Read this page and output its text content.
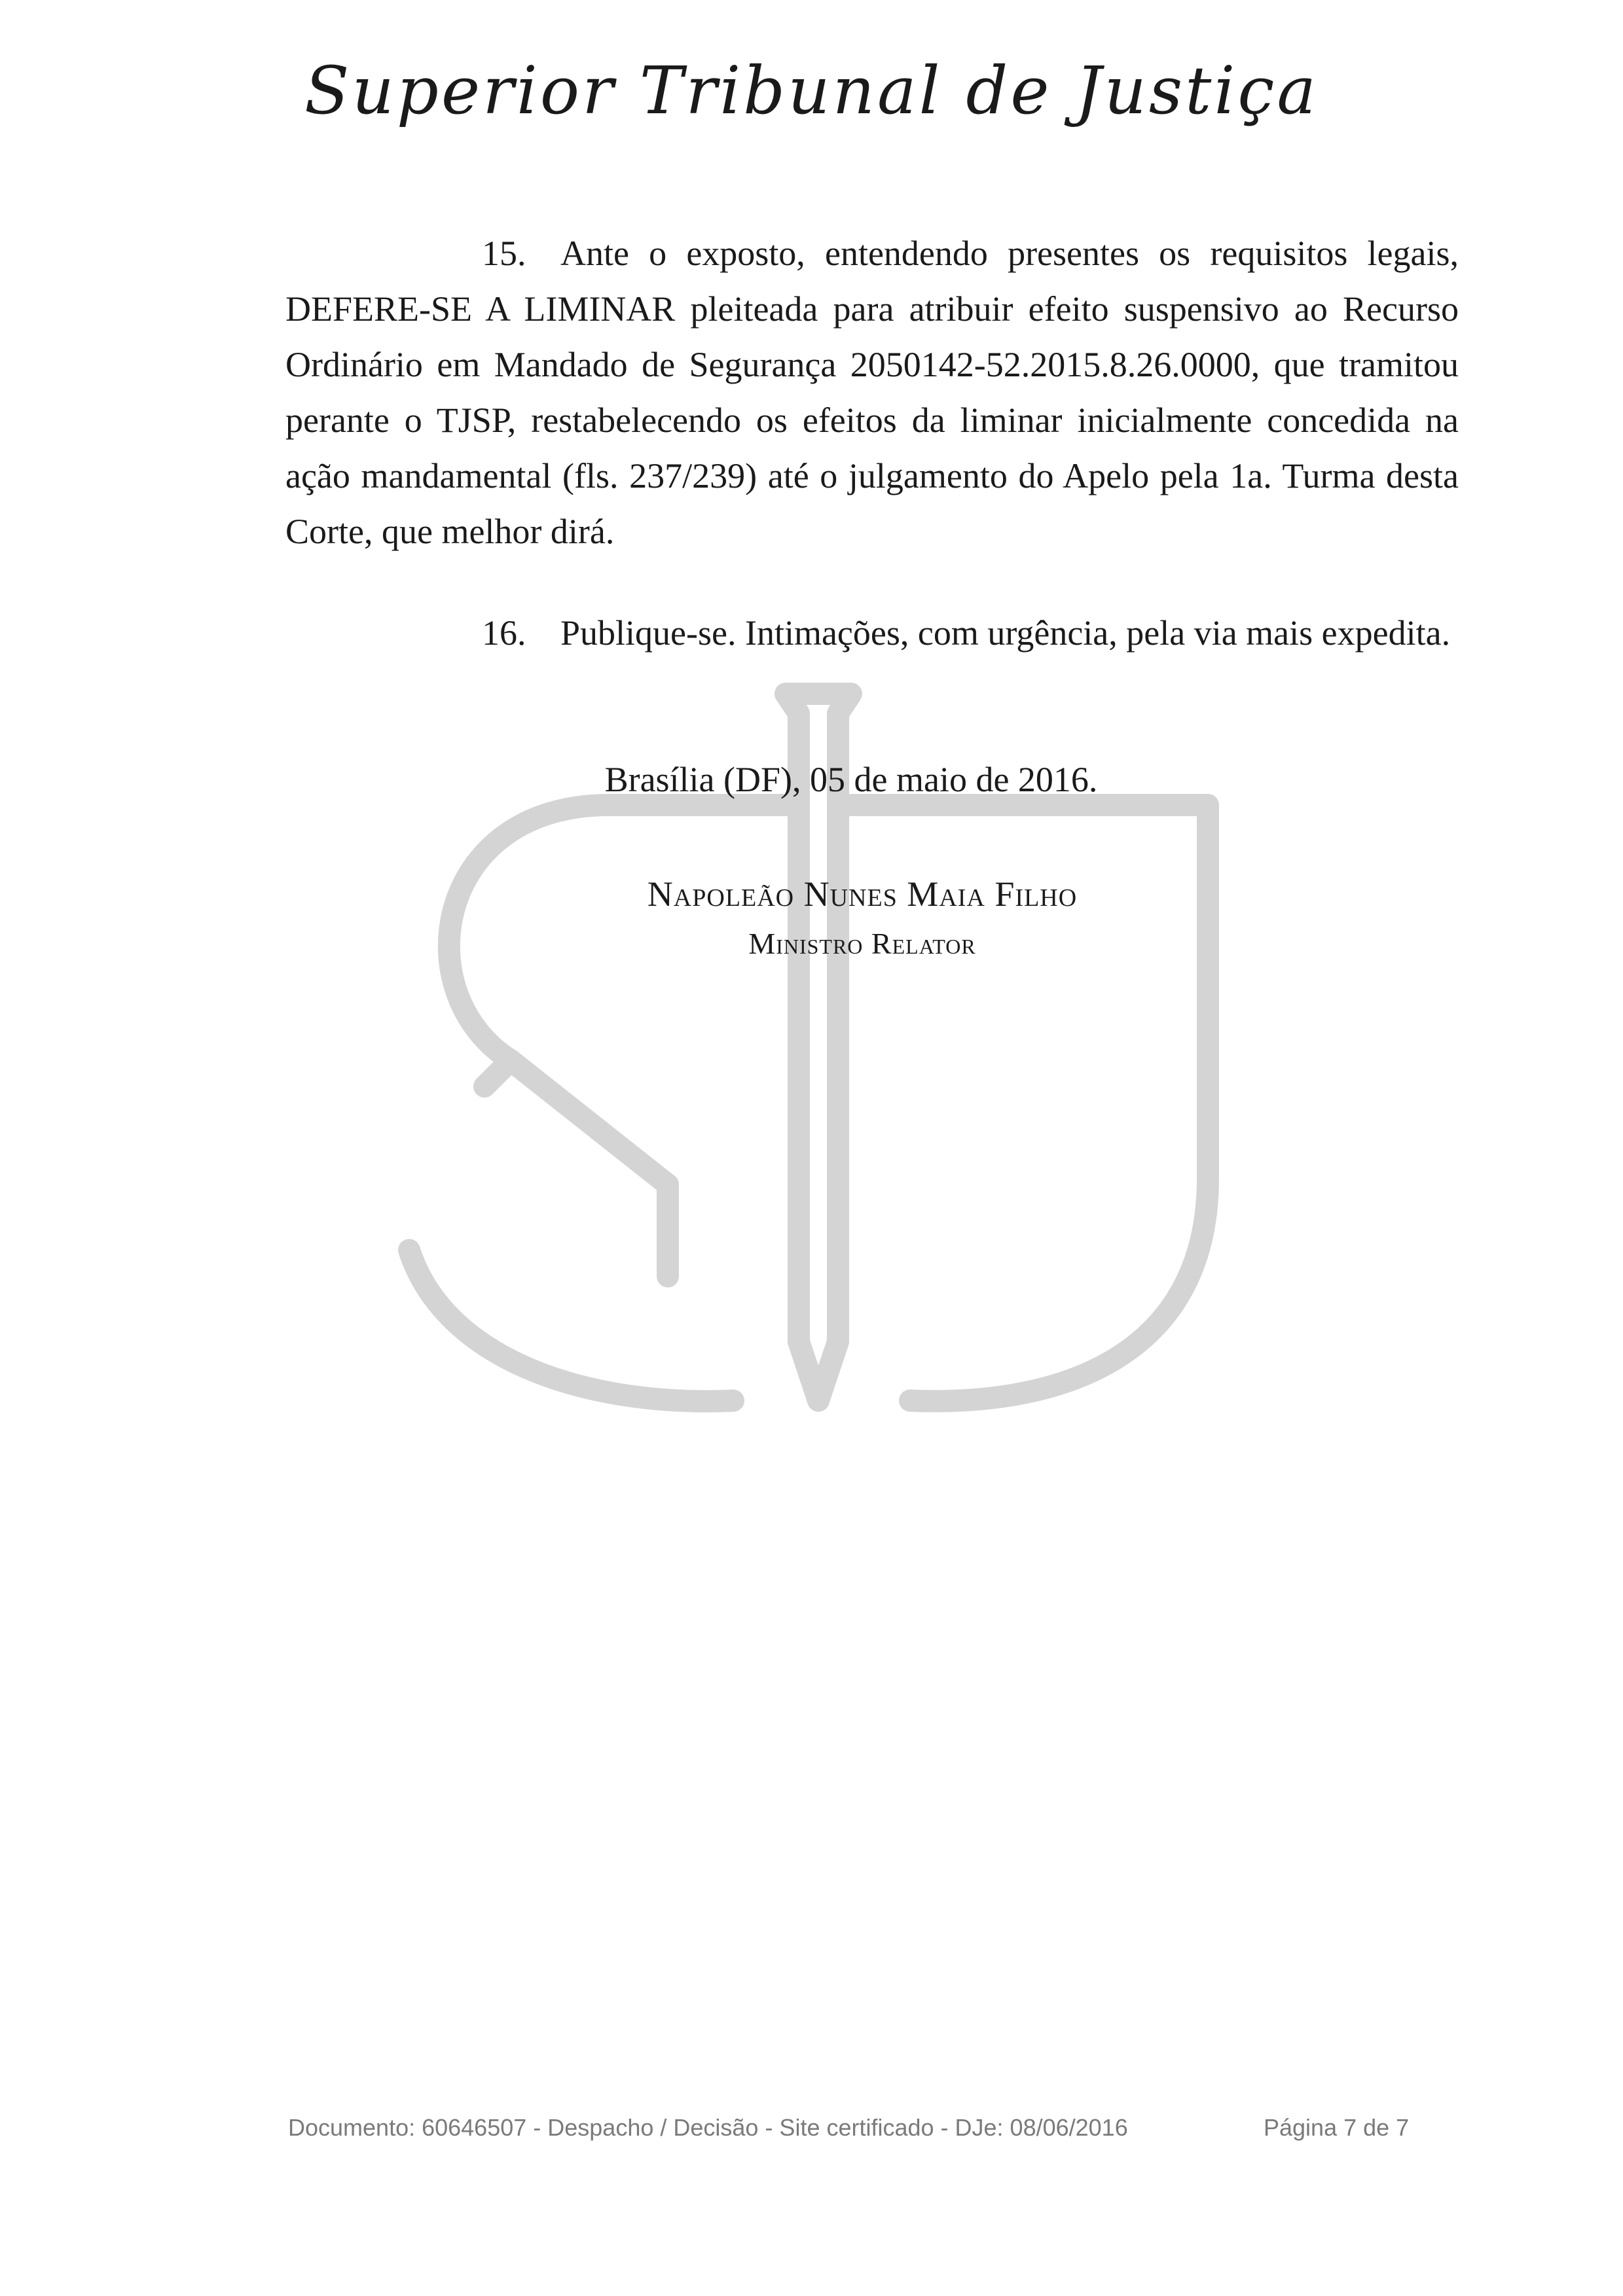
Superior Tribunal de Justiça
15. Ante o exposto, entendendo presentes os requisitos legais, DEFERE-SE A LIMINAR pleiteada para atribuir efeito suspensivo ao Recurso Ordinário em Mandado de Segurança 2050142-52.2015.8.26.0000, que tramitou perante o TJSP, restabelecendo os efeitos da liminar inicialmente concedida na ação mandamental (fls. 237/239) até o julgamento do Apelo pela 1a. Turma desta Corte, que melhor dirá.
16. Publique-se. Intimações, com urgência, pela via mais expedita.
Brasília (DF), 05 de maio de 2016.
Napoleão Nunes Maia Filho
Ministro Relator
Documento: 60646507 - Despacho / Decisão - Site certificado - DJe: 08/06/2016	Página 7 de 7
